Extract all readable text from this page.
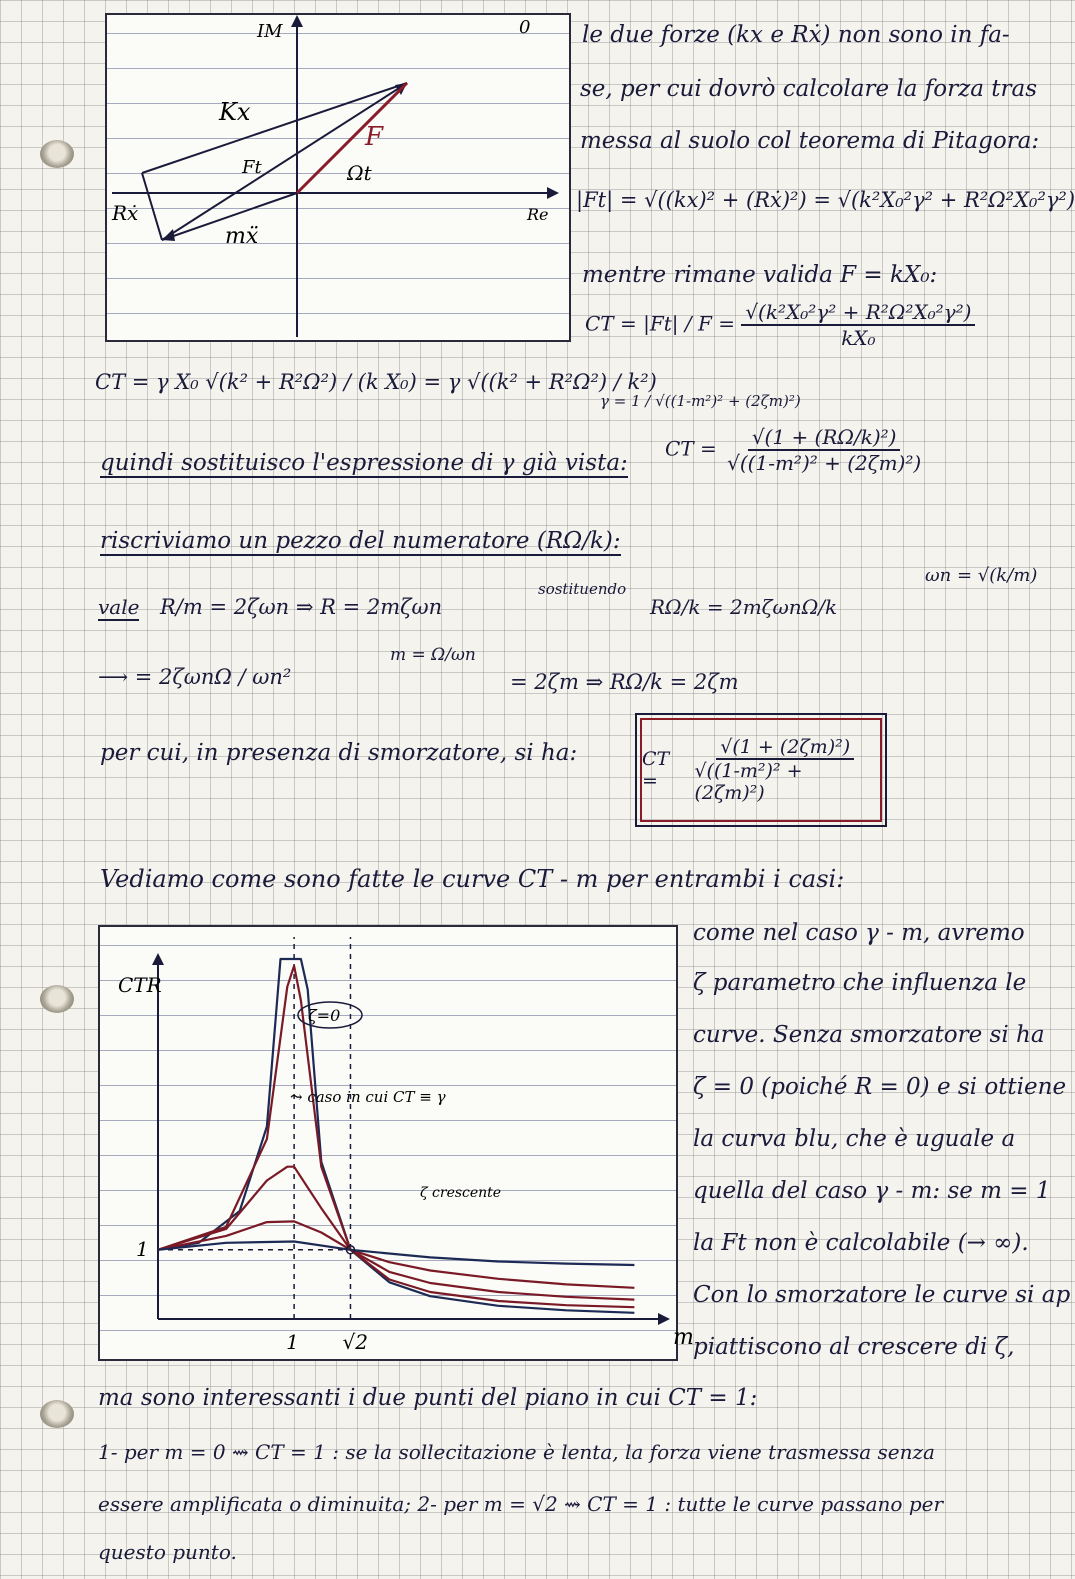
IM
Re
0
Kx
Ft
F
Ωt
Rẋ
mẍ
le due forze (kx e Rẋ) non sono in fa-
se, per cui dovrò calcolare la forza tras
messa al suolo col teorema di Pitagora:
|Ft| = √((kx)² + (Rẋ)²) = √(k²X₀²γ² + R²Ω²X₀²γ²)
mentre rimane valida F = kX₀:
CT = $|Ft| / F = \frac{\text{√(k²X₀²γ² + R²Ω²X₀²γ²)}}{\text{kX₀}}$
γ = 1 / √((1-m²)² + (2ζm)²)
CT = γ X₀ √(k² + R²Ω²) / (k X₀) = γ √((k² + R²Ω²) / k²)
quindi sostituisco l'espressione di γ già vista:
CT = $\frac{\text{√(1 + (RΩ/k)²)}}{\text{√((1-m²)² + (2ζm)²)}}$
riscriviamo un pezzo del numeratore (RΩ/k):
vale R/m = 2ζωn ⇒ R = 2mζωn
sostituendo
RΩ/k = 2mζωnΩ/k
ωn = √(k/m)
⟶ = 2ζωnΩ / ωn²
m = Ω/ωn
= 2ζm ⇒ RΩ/k = 2ζm
per cui, in presenza di smorzatore, si ha:	CT =	$\frac{\text{√(1 + (2ζm)²)}}{\text{√((1-m²)² + (2ζm)²)}}$
Vediamo come sono fatte le curve CT - m per entrambi i casi:
CTR
m
1 √2
1
ζ=0
⤳ caso in cui CT ≡ γ
ζ crescente
come nel caso γ - m, avremo
ζ parametro che influenza le
curve. Senza smorzatore si ha
ζ = 0 (poiché R = 0) e si ottiene
la curva blu, che è uguale a
quella del caso γ - m: se m = 1
la Ft non è calcolabile (→ ∞).
Con lo smorzatore le curve si ap
piattiscono al crescere di ζ,
ma sono interessanti i due punti del piano in cui CT = 1:
1- per m = 0 ⇝ CT = 1 : se la sollecitazione è lenta, la forza viene trasmessa senza
essere amplificata o diminuita; 2- per m = √2 ⇝ CT = 1 : tutte le curve passano per
questo punto.
